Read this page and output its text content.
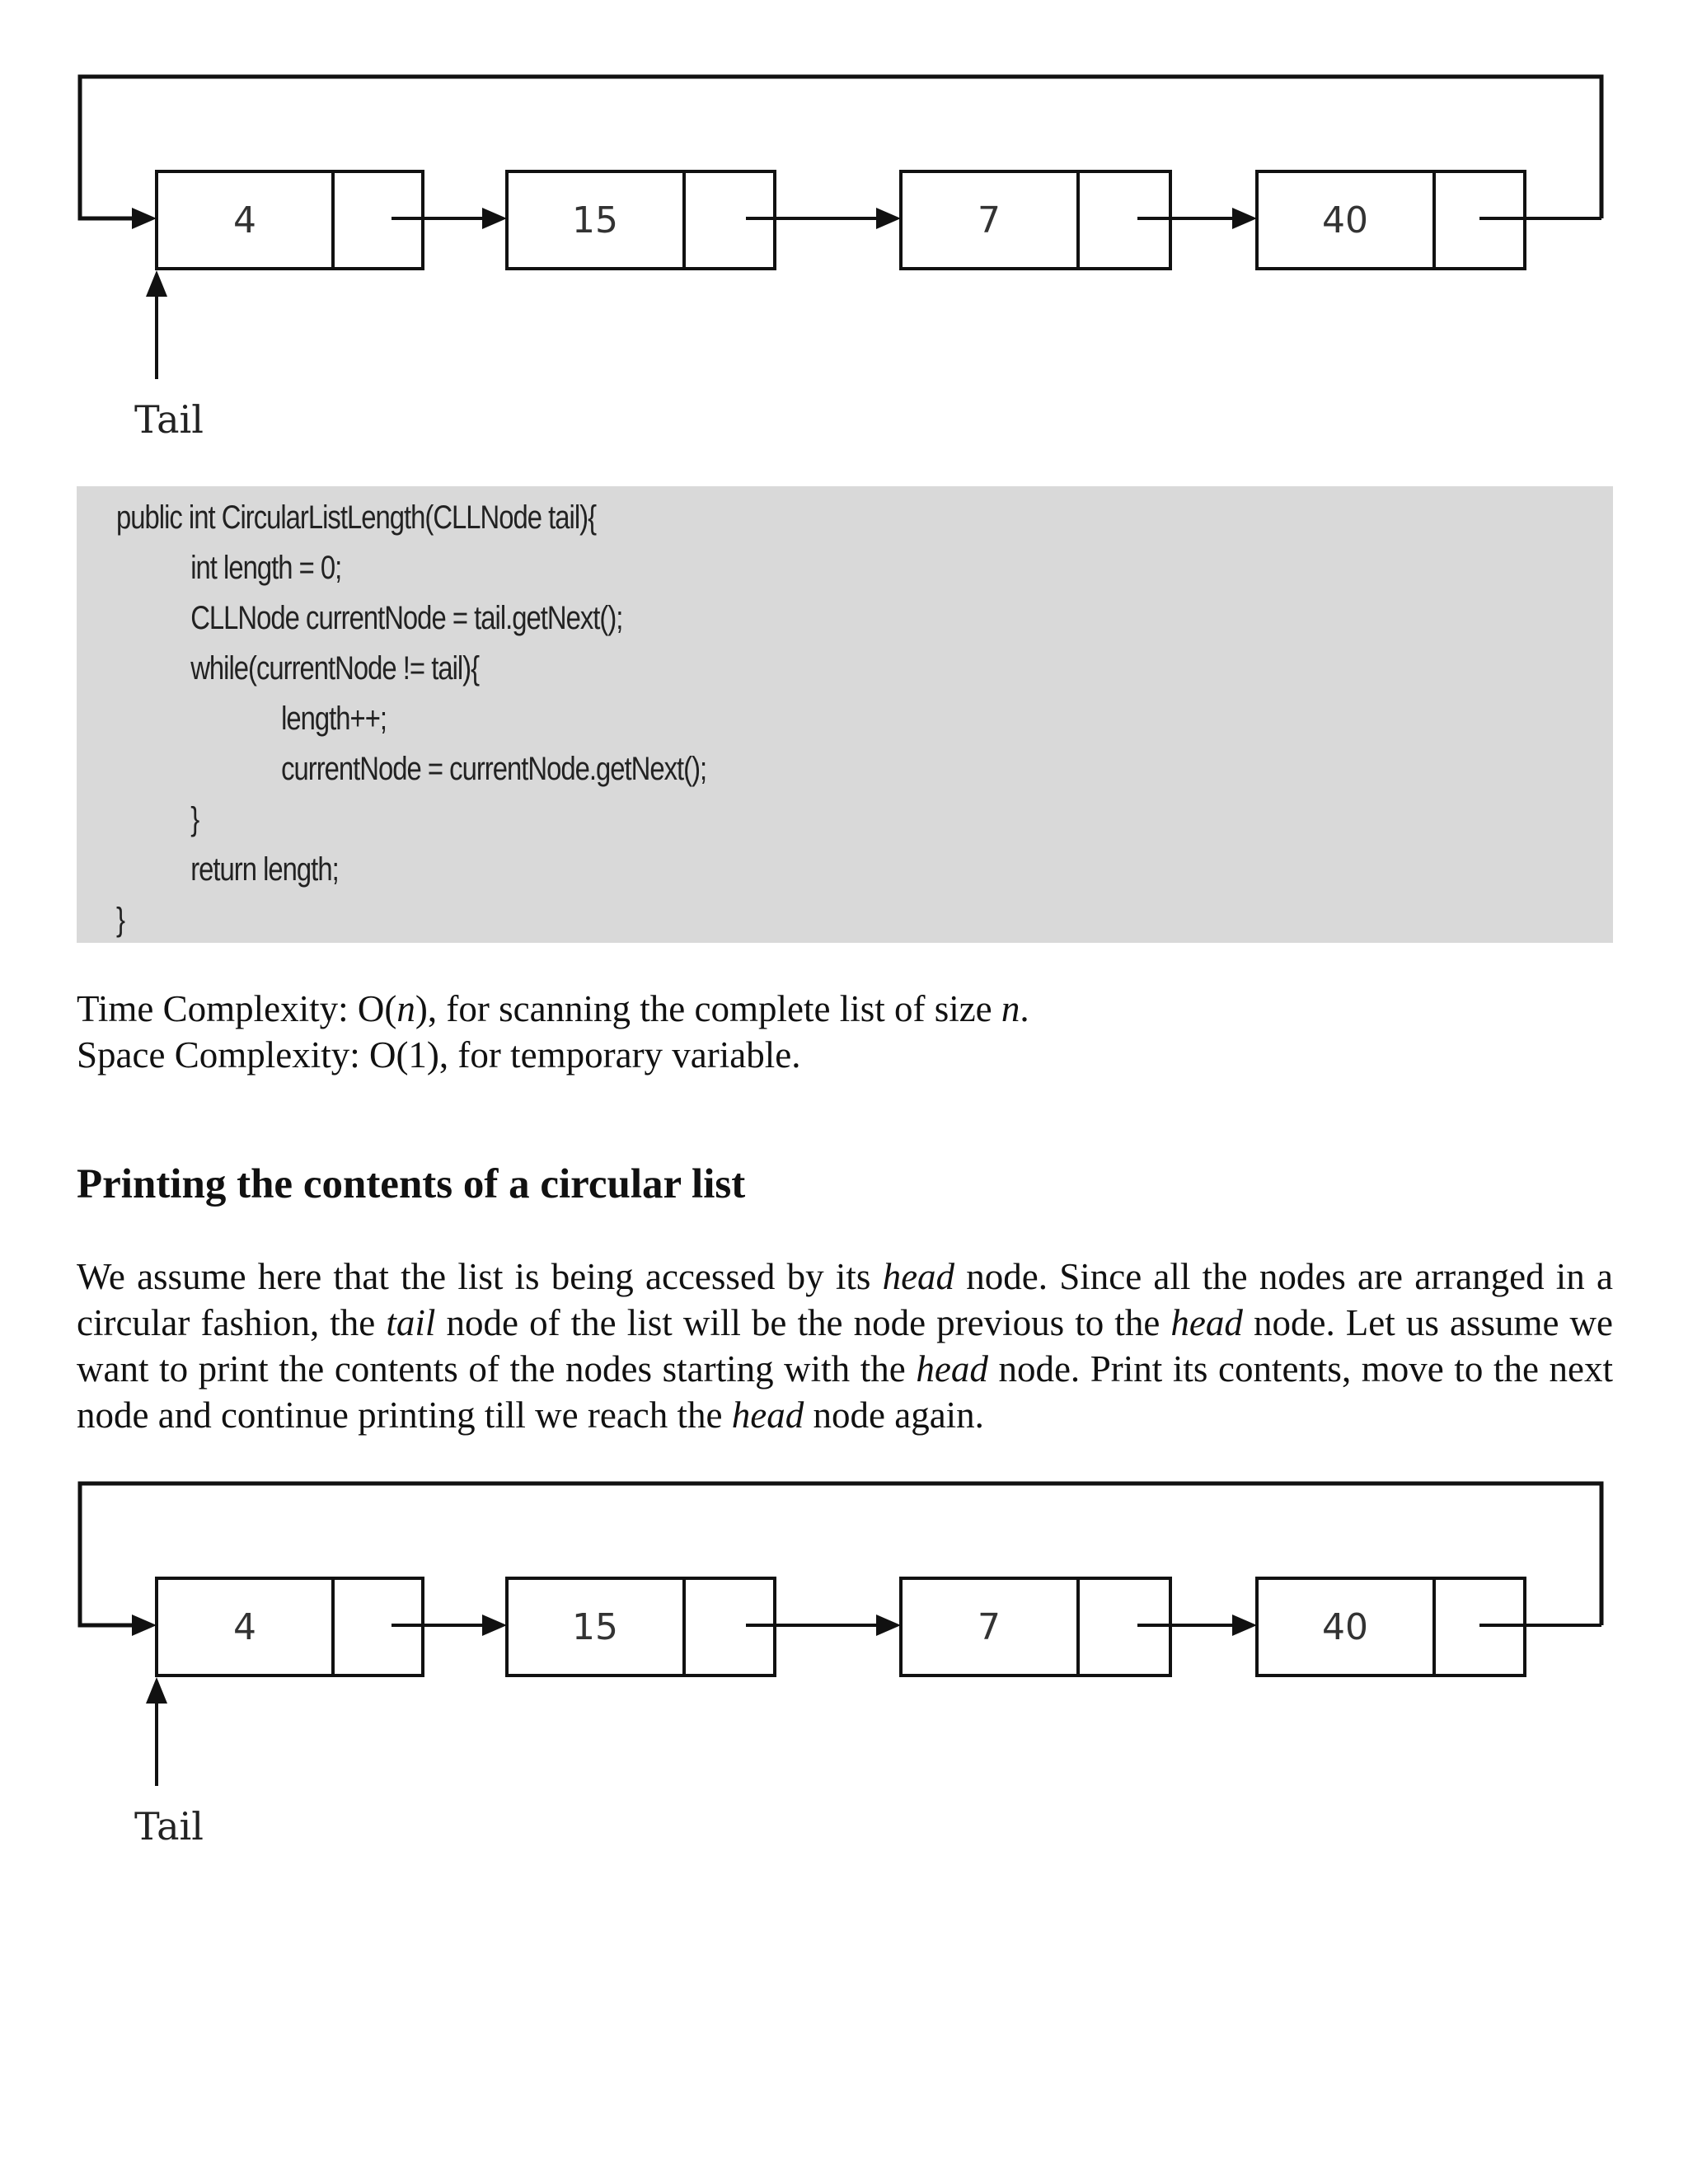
4	15	7	40
Tail
public int CircularListLength(CLLNode tail){
int length = 0;
CLLNode currentNode = tail.getNext();
while(currentNode != tail){
length++;
currentNode = currentNode.getNext();
}
return length;
}

Time Complexity: O(n), for scanning the complete list of size n.

Space Complexity: O(1), for temporary variable.

Printing the contents of a circular list

We assume here that the list is being accessed by its head node. Since all the nodes are arranged in a circular fashion, the tail node of the list will be the node previous to the head node. Let us assume we want to print the contents of the nodes starting with the head node. Print its contents, move to the next node and continue printing till we reach the head node again.

4	15	7	40
Tail
